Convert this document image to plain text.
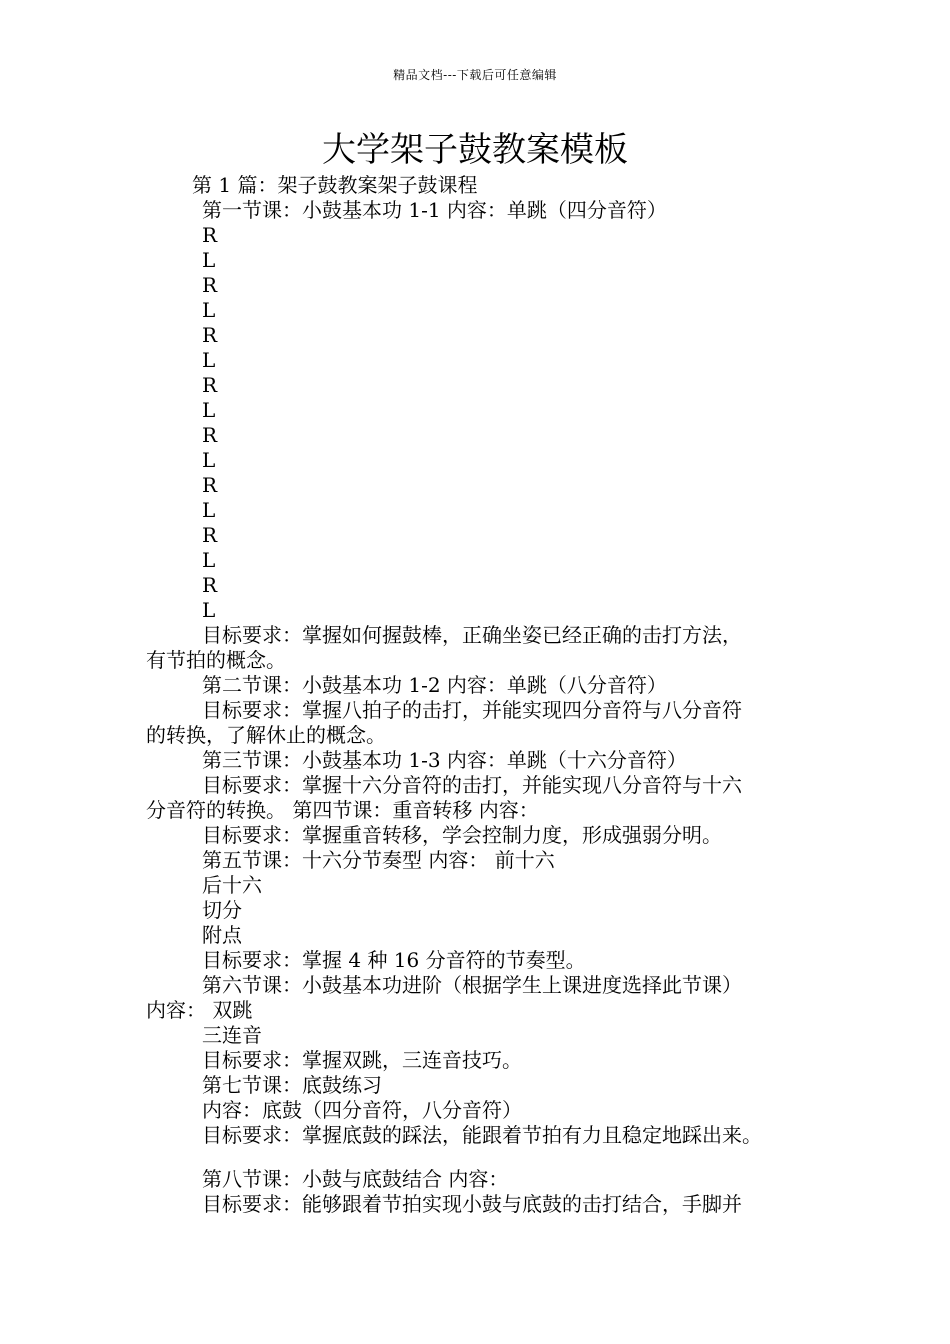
精品文档---下载后可任意编辑
大学架子鼓教案模板
第 1 篇：架子鼓教案架子鼓课程
第一节课：小鼓基本功 1-1 内容：单跳（四分音符）
R
L
R
L
R
L
R
L
R
L
R
L
R
L
R
L
目标要求：掌握如何握鼓棒，正确坐姿已经正确的击打方法，
有节拍的概念。
第二节课：小鼓基本功 1-2 内容：单跳（八分音符）
目标要求：掌握八拍子的击打，并能实现四分音符与八分音符
的转换，了解休止的概念。
第三节课：小鼓基本功 1-3 内容：单跳（十六分音符）
目标要求：掌握十六分音符的击打，并能实现八分音符与十六
分音符的转换。 第四节课：重音转移 内容：
目标要求：掌握重音转移，学会控制力度，形成强弱分明。
第五节课：十六分节奏型 内容： 前十六
后十六
切分
附点
目标要求：掌握 4 种 16 分音符的节奏型。
第六节课：小鼓基本功进阶（根据学生上课进度选择此节课）
内容： 双跳
三连音
目标要求：掌握双跳，三连音技巧。
第七节课：底鼓练习
内容：底鼓（四分音符，八分音符）
目标要求：掌握底鼓的踩法，能跟着节拍有力且稳定地踩出来。
第八节课：小鼓与底鼓结合 内容：
目标要求：能够跟着节拍实现小鼓与底鼓的击打结合，手脚并
